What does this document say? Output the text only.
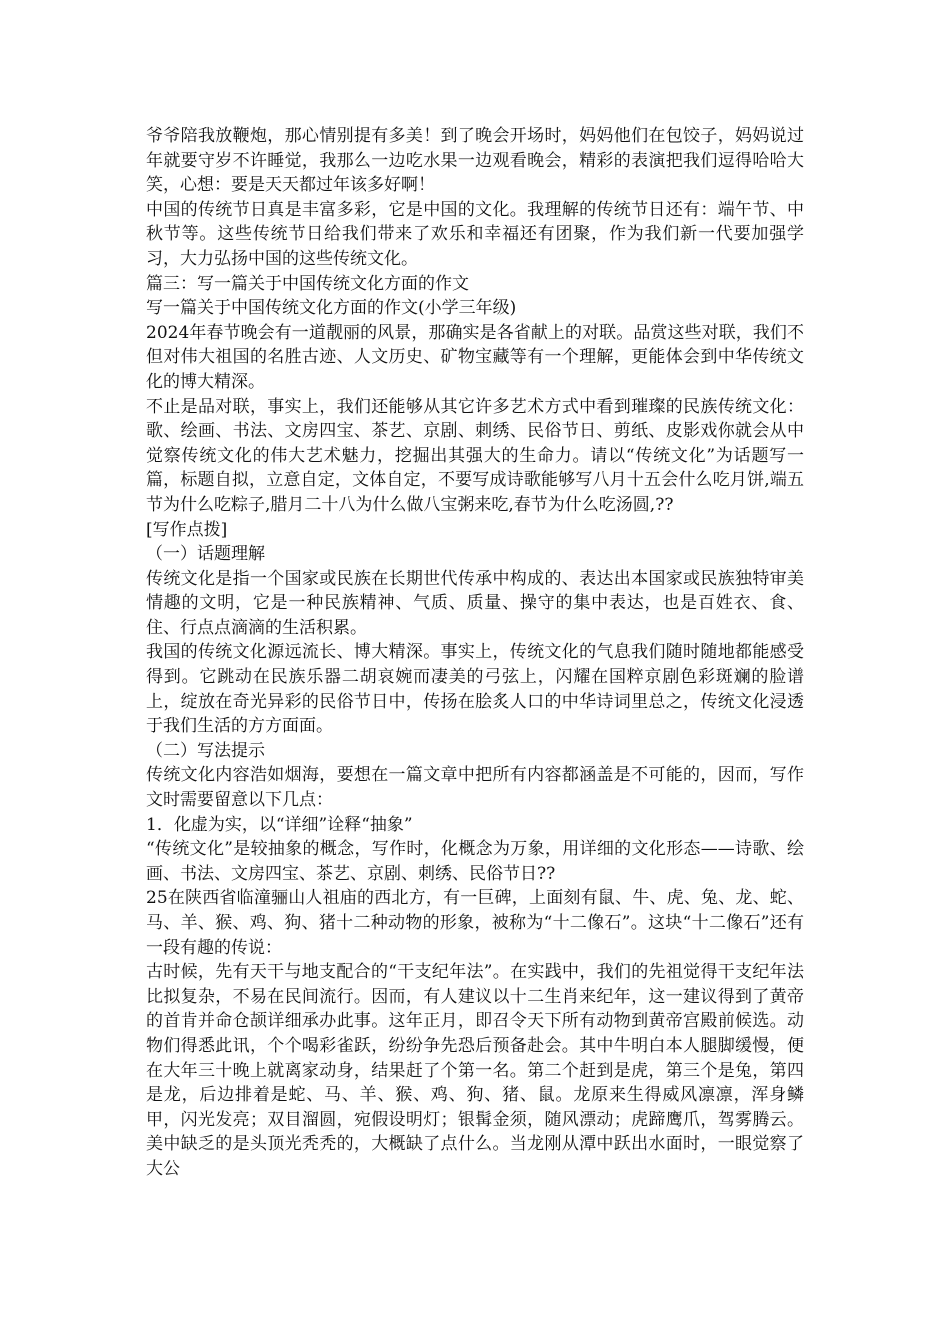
爷爷陪我放鞭炮，那心情别提有多美！到了晚会开场时，妈妈他们在包饺子，妈妈说过年就要守岁不许睡觉，我那么一边吃水果一边观看晚会，精彩的表演把我们逗得哈哈大笑，心想：要是天天都过年该多好啊！

中国的传统节日真是丰富多彩，它是中国的文化。我理解的传统节日还有：端午节、中秋节等。这些传统节日给我们带来了欢乐和幸福还有团聚，作为我们新一代要加强学习，大力弘扬中国的这些传统文化。

篇三：写一篇关于中国传统文化方面的作文

写一篇关于中国传统文化方面的作文(小学三年级)

2024年春节晚会有一道靓丽的风景，那确实是各省献上的对联。品赏这些对联，我们不但对伟大祖国的名胜古迹、人文历史、矿物宝藏等有一个理解，更能体会到中华传统文化的博大精深。

不止是品对联，事实上，我们还能够从其它许多艺术方式中看到璀璨的民族传统文化：歌、绘画、书法、文房四宝、茶艺、京剧、刺绣、民俗节日、剪纸、皮影戏你就会从中觉察传统文化的伟大艺术魅力，挖掘出其强大的生命力。请以“传统文化”为话题写一篇，标题自拟，立意自定，文体自定，不要写成诗歌能够写八月十五会什么吃月饼,端五节为什么吃粽子,腊月二十八为什么做八宝粥来吃,春节为什么吃汤圆,??

[写作点拨]

（一）话题理解

传统文化是指一个国家或民族在长期世代传承中构成的、表达出本国家或民族独特审美情趣的文明，它是一种民族精神、气质、质量、操守的集中表达，也是百姓衣、食、住、行点点滴滴的生活积累。

我国的传统文化源远流长、博大精深。事实上，传统文化的气息我们随时随地都能感受得到。它跳动在民族乐器二胡哀婉而凄美的弓弦上，闪耀在国粹京剧色彩斑斓的脸谱上，绽放在奇光异彩的民俗节日中，传扬在脍炙人口的中华诗词里总之，传统文化浸透于我们生活的方方面面。

（二）写法提示

传统文化内容浩如烟海，要想在一篇文章中把所有内容都涵盖是不可能的，因而，写作文时需要留意以下几点：

1．化虚为实，以“详细”诠释“抽象”

“传统文化”是较抽象的概念，写作时，化概念为万象，用详细的文化形态——诗歌、绘画、书法、文房四宝、茶艺、京剧、刺绣、民俗节日??

25在陕西省临潼骊山人祖庙的西北方，有一巨碑，上面刻有鼠、牛、虎、兔、龙、蛇、马、羊、猴、鸡、狗、猪十二种动物的形象，被称为“十二像石”。这块“十二像石”还有一段有趣的传说：

古时候，先有天干与地支配合的“干支纪年法”。在实践中，我们的先祖觉得干支纪年法比拟复杂，不易在民间流行。因而，有人建议以十二生肖来纪年，这一建议得到了黄帝的首肯并命仓颉详细承办此事。这年正月，即召令天下所有动物到黄帝宫殿前候选。动物们得悉此讯，个个喝彩雀跃，纷纷争先恐后预备赴会。其中牛明白本人腿脚缓慢，便在大年三十晚上就离家动身，结果赶了个第一名。第二个赶到是虎，第三个是兔，第四是龙，后边排着是蛇、马、羊、猴、鸡、狗、猪、鼠。龙原来生得威风凛凛，浑身鳞甲，闪光发亮；双目溜圆，宛假设明灯；银髯金须，随风漂动；虎蹄鹰爪，驾雾腾云。美中缺乏的是头顶光秃秃的，大概缺了点什么。当龙刚从潭中跃出水面时，一眼觉察了大公
